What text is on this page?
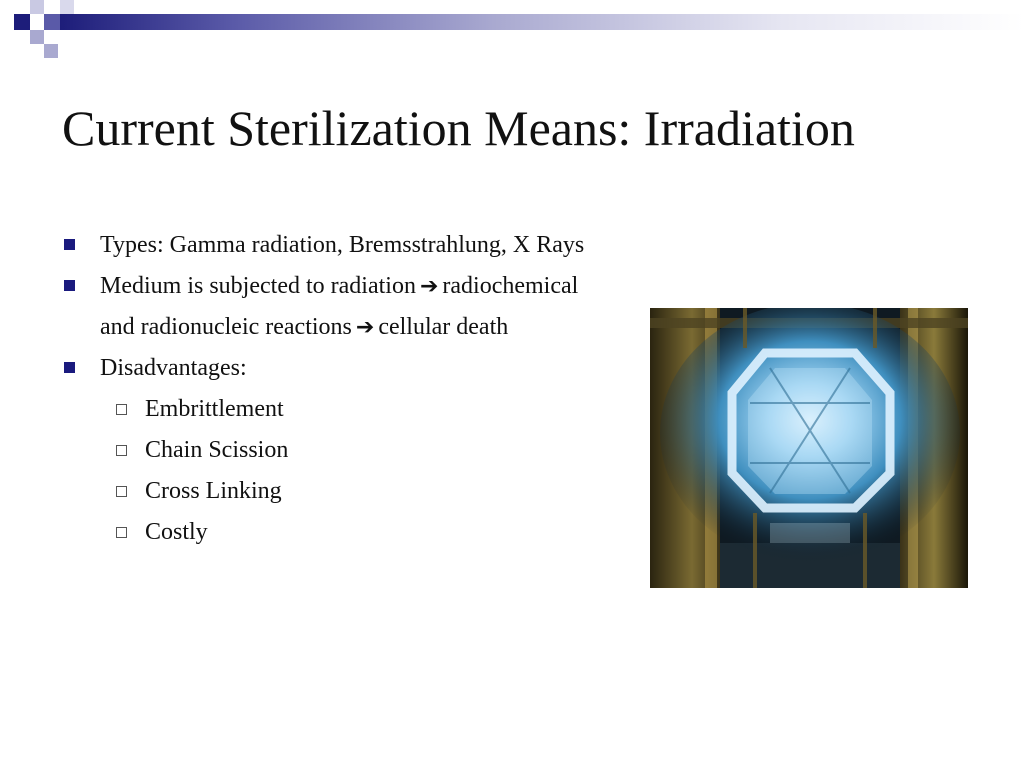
Current Sterilization Means: Irradiation
Types: Gamma radiation, Bremsstrahlung, X Rays
Medium is subjected to radiation ➔ radiochemical
and radionucleic reactions ➔ cellular death
Disadvantages:
Embrittlement
Chain Scission
Cross Linking
Costly
